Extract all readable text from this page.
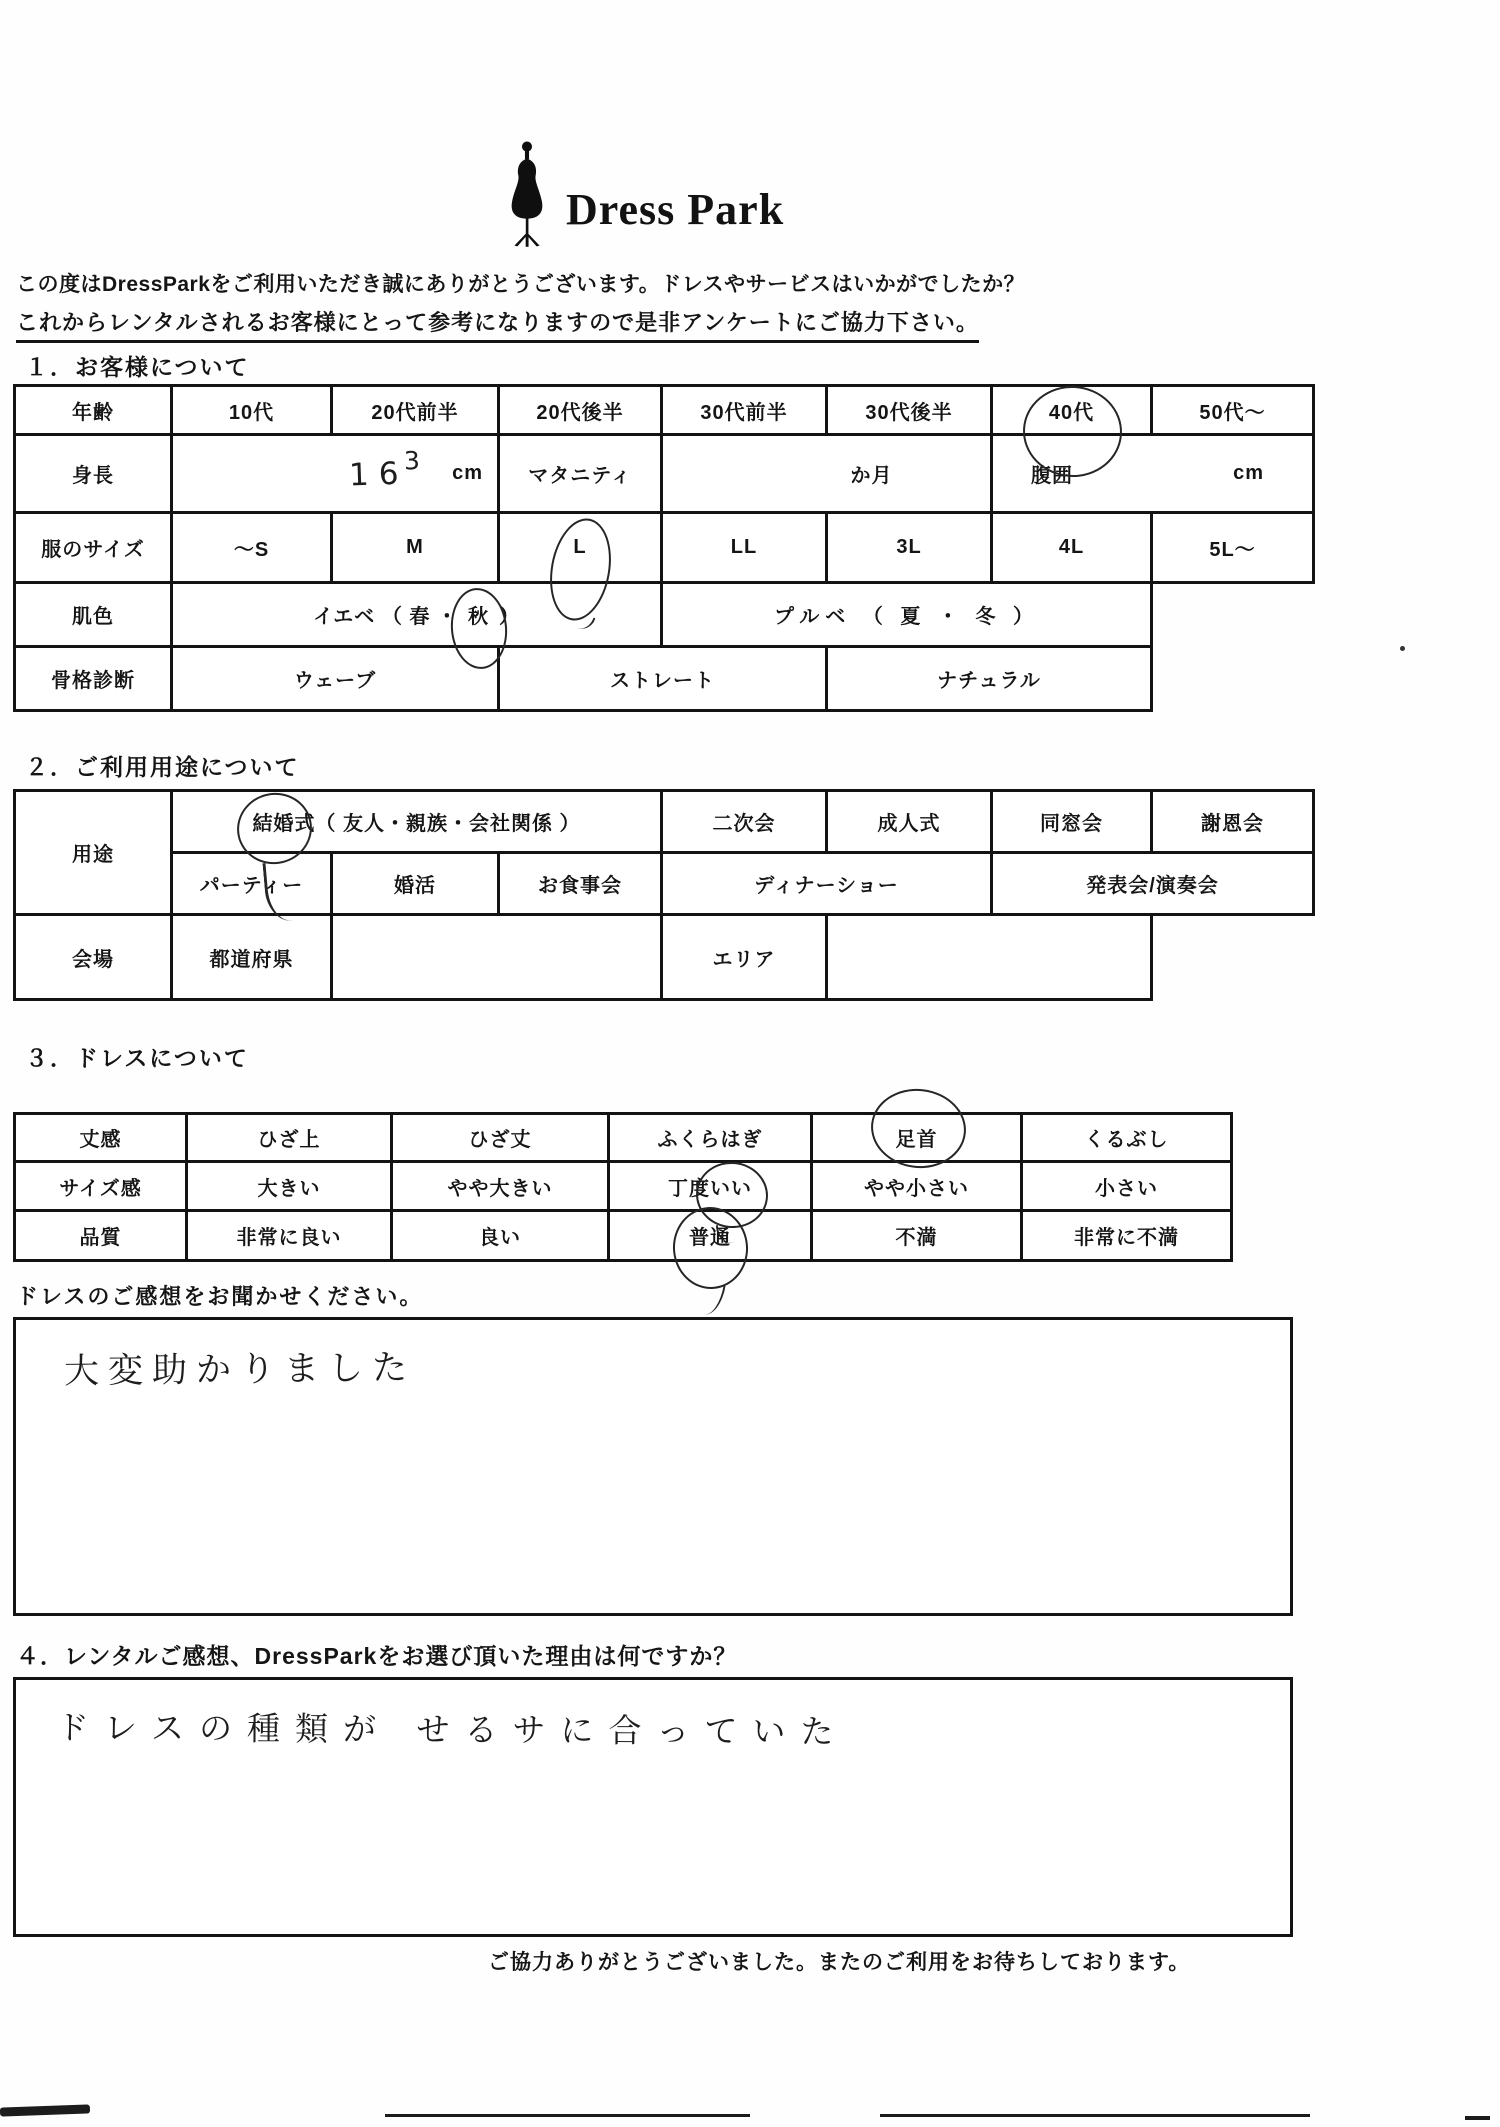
Dress Park
この度はDressParkをご利用いただき誠にありがとうございます。ドレスやサービスはいかがでしたか？
これからレンタルされるお客様にとって参考になりますので是非アンケートにご協力下さい。
１．お客様について
年齢	10代	20代前半	20代後半	30代前半	30代後半	40代	50代～
身長	$16^3$ cm	マタニティ	か月	腹囲	cm
服のサイズ	～S	M	L	LL	3L	4L	5L～
肌色	イエベ （ 春 ・ 秋 ）	プルベ （ 夏 ・ 冬 ）
骨格診断	ウェーブ	ストレート	ナチュラル
２．ご利用用途について
用途
結婚 式（ 友人・親族・会社関係 ）	二次会	成人式	同窓会	謝恩会
パーティー	婚活	お食事会	ディナーショー	発表会/演奏会
会場	都道府県	エリア
３．ドレスについて
丈感	ひざ上	ひざ丈	ふくらはぎ	足首	くるぶし
サイズ感	大きい	やや大きい	丁度 いい	やや小さい	小さい
品質	非常に良い	良い	普通	不満	非常に不満
ドレスのご感想をお聞かせください。
大変助かりました
４．レンタルご感想、DressParkをお選び頂いた理由は何ですか？
ドレスの種類が せるサに合っていた
ご協力ありがとうございました。またのご利用をお待ちしております。
